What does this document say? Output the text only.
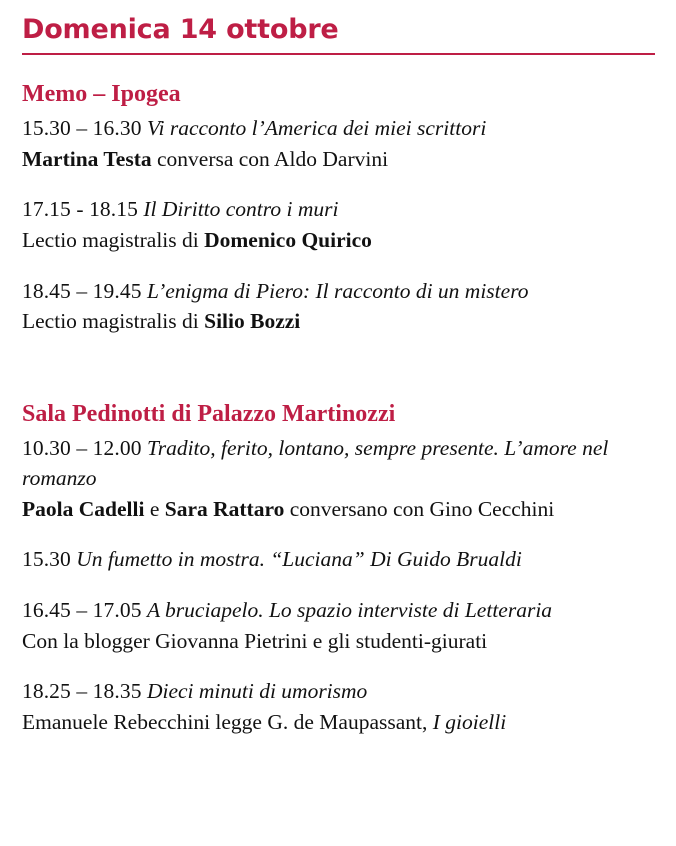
Domenica 14 ottobre
Memo – Ipogea

15.30 – 16.30 Vi racconto l’America dei miei scrittori

Martina Testa conversa con Aldo Darvini

17.15 - 18.15 Il Diritto contro i muri

Lectio magistralis di Domenico Quirico

18.45 – 19.45 L’enigma di Piero: Il racconto di un mistero

Lectio magistralis di Silio Bozzi

Sala Pedinotti di Palazzo Martinozzi

10.30 – 12.00 Tradito, ferito, lontano, sempre presente. L’amore nel romanzo

Paola Cadelli e Sara Rattaro conversano con Gino Cecchini

15.30 Un fumetto in mostra. “Luciana” Di Guido Brualdi

16.45 – 17.05 A bruciapelo. Lo spazio interviste di Letteraria

Con la blogger Giovanna Pietrini e gli studenti-giurati

18.25 – 18.35 Dieci minuti di umorismo

Emanuele Rebecchini legge G. de Maupassant, I gioielli
